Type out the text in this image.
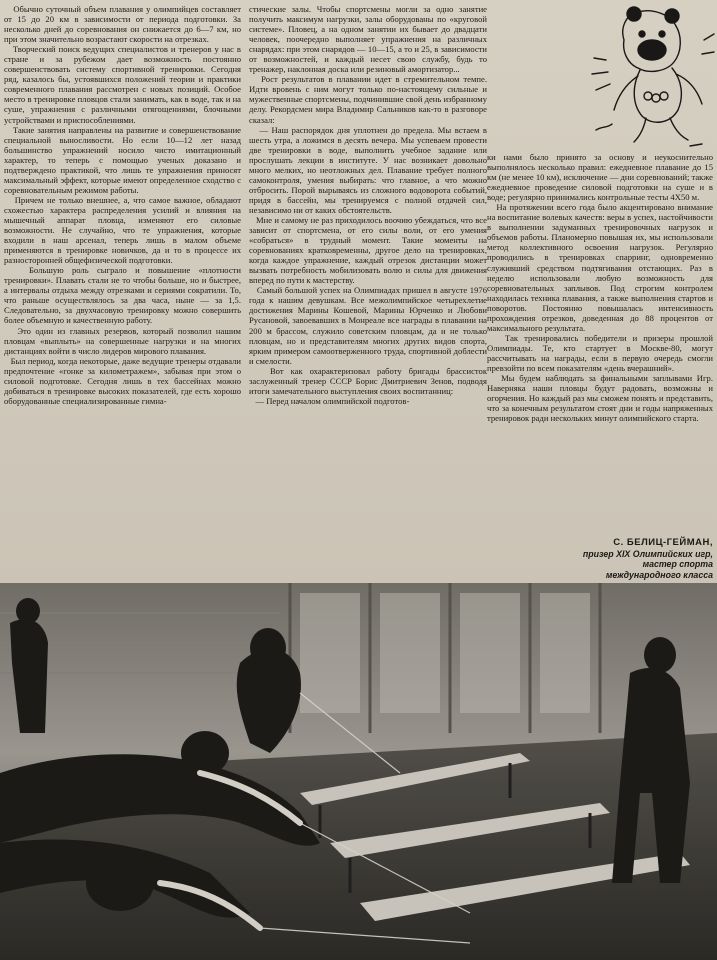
Обычно суточный объем плавания у олимпийцев составляет от 15 до 20 км в зависимости от периода подготовки. За несколько дней до соревнования он снижается до 6—7 км, но при этом значительно возрастают скорости на отрезках.
Творческий поиск ведущих специалистов и тренеров у нас в стране и за рубежом дает возможность постоянно совершенствовать систему спортивной тренировки. Сегодня ряд, казалось бы, устоявшихся положений теории и практики современного плавания рассмотрен с новых позиций. Особое место в тренировке пловцов стали занимать, как в воде, так и на суше, упражнения с различными отягощениями, блочными устройствами и приспособлениями.
Такие занятия направлены на развитие и совершенствование специальной выносливости. Но если 10—12 лет назад большинство упражнений носило чисто имитационный характер, то теперь с помощью ученых доказано и подтверждено практикой, что лишь те упражнения приносят максимальный эффект, которые имеют определенное сходство с соревновательным режимом работы.
Причем не только внешнее, а, что самое важное, обладают схожестью характера распределения усилий и влияния на мышечный аппарат пловца, изменяют его силовые возможности. Не случайно, что те упражнения, которые входили в наш арсенал, теперь лишь в малом объеме применяются в тренировке новичков, да и то в процессе их разносторонней общефизической подготовки.
Большую роль сыграло и повышение «плотности тренировки». Плавать стали не то чтобы больше, но и быстрее, а интервалы отдыха между отрезками и сериями сократили. То, что раньше осуществлялось за два часа, ныне — за 1,5. Следовательно, за двухчасовую тренировку можно совершить более объемную и качественную работу.
Это один из главных резервов, который позволил нашим пловцам «выплыть» на совершенные нагрузки и на многих дистанциях войти в число лидеров мирового плавания.
Был период, когда некоторые, даже ведущие тренеры отдавали предпочтение «гонке за километражем», забывая при этом о силовой подготовке. Сегодня лишь в тех бассейнах можно добиваться в тренировке высоких показателей, где есть хорошо оборудованные специализированные гимна-
стические залы. Чтобы спортсмены могли за одно занятие получить максимум нагрузки, залы оборудованы по «круговой системе». Пловец, а на одном занятии их бывает до двадцати человек, поочередно выполняет упражнения на различных снарядах: при этом снарядов — 10—15, а то и 25, в зависимости от возможностей, и каждый несет свою службу, будь то тренажер, наклонная доска или резиновый амортизатор...
Рост результатов в плавании идет в стремительном темпе. Идти вровень с ним могут только по-настоящему сильные и мужественные спортсмены, подчинившие свой день избранному делу. Рекордсмен мира Владимир Сальников как-то в разговоре сказал:
— Наш распорядок дня уплотнен до предела. Мы встаем в шесть утра, а ложимся в десять вечера. Мы успеваем провести две тренировки в воде, выполнить учебное задание или прослушать лекции в институте. У нас возникает довольно много мелких, но неотложных дел. Плавание требует полного самоконтроля, умения выбирать: что главное, а что можно отбросить. Порой вырываясь из сложного водоворота событий, придя в бассейн, мы тренируемся с полной отдачей сил, независимо ни от каких обстоятельств.
Мне и самому не раз приходилось воочию убеждаться, что все зависит от спортсмена, от его силы воли, от его умения «собраться» в трудный момент. Такие моменты на соревнованиях кратковременны, другое дело на тренировках, когда каждое упражнение, каждый отрезок дистанции может вызвать потребность мобилизовать волю и силы для движения вперед по пути к мастерству.
Самый большой успех на Олимпиадах пришел в августе 1976 года к нашим девушкам. Все межолимпийское четырехлетие достижения Марины Кошевой, Марины Юрченко и Любови Русановой, завоевавших в Монреале все награды в плавании на 200 м брассом, служило советским пловцам, да и не только пловцам, но и представителям многих других видов спорта, ярким примером самоотверженного труда, спортивной доблести и смелости.
Вот как охарактеризовал работу бригады брассисток заслуженный тренер СССР Борис Дмитриевич Зенов, подводя итоги замечательного выступления своих воспитанниц:
— Перед началом олимпийской подготов-
ки нами было принято за основу и неукоснительно выполнялось несколько правил: ежедневное плавание до 15 км (не менее 10 км), исключение — дни соревнований; также ежедневное проведение силовой подготовки на суше и в воде; регулярно принимались контрольные тесты 4Х50 м.
На протяжении всего года было акцентировано внимание на воспитание волевых качеств: веры в успех, настойчивости в выполнении задуманных тренировочных нагрузок и объемов работы. Планомерно повышая их, мы использовали метод коллективного освоения нагрузок. Регулярно проводились в тренировках спарринг, одновременно служивший средством подтягивания отстающих. Раз в неделю использовали любую возможность для соревновательных заплывов. Под строгим контролем находилась техника плавания, а также выполнения стартов и поворотов. Постоянно повышалась интенсивность прохождения отрезков, доведенная до 88 процентов от максимального результата.
Так тренировались победители и призеры прошлой Олимпиады. Те, кто стартует в Москве-80, могут рассчитывать на награды, если в первую очередь смогли превзойти по всем показателям «день вчерашний».
Мы будем наблюдать за финальными заплывами Игр. Наверняка наши пловцы будут радовать, возможны и огорчения. Но каждый раз мы сможем понять и представить, что за конечным результатом стоят дни и годы напряженных тренировок ради нескольких минут олимпийского старта.
С. БЕЛИЦ-ГЕЙМАН,
призер XIX Олимпийских игр,
мастер спорта
международного класса
